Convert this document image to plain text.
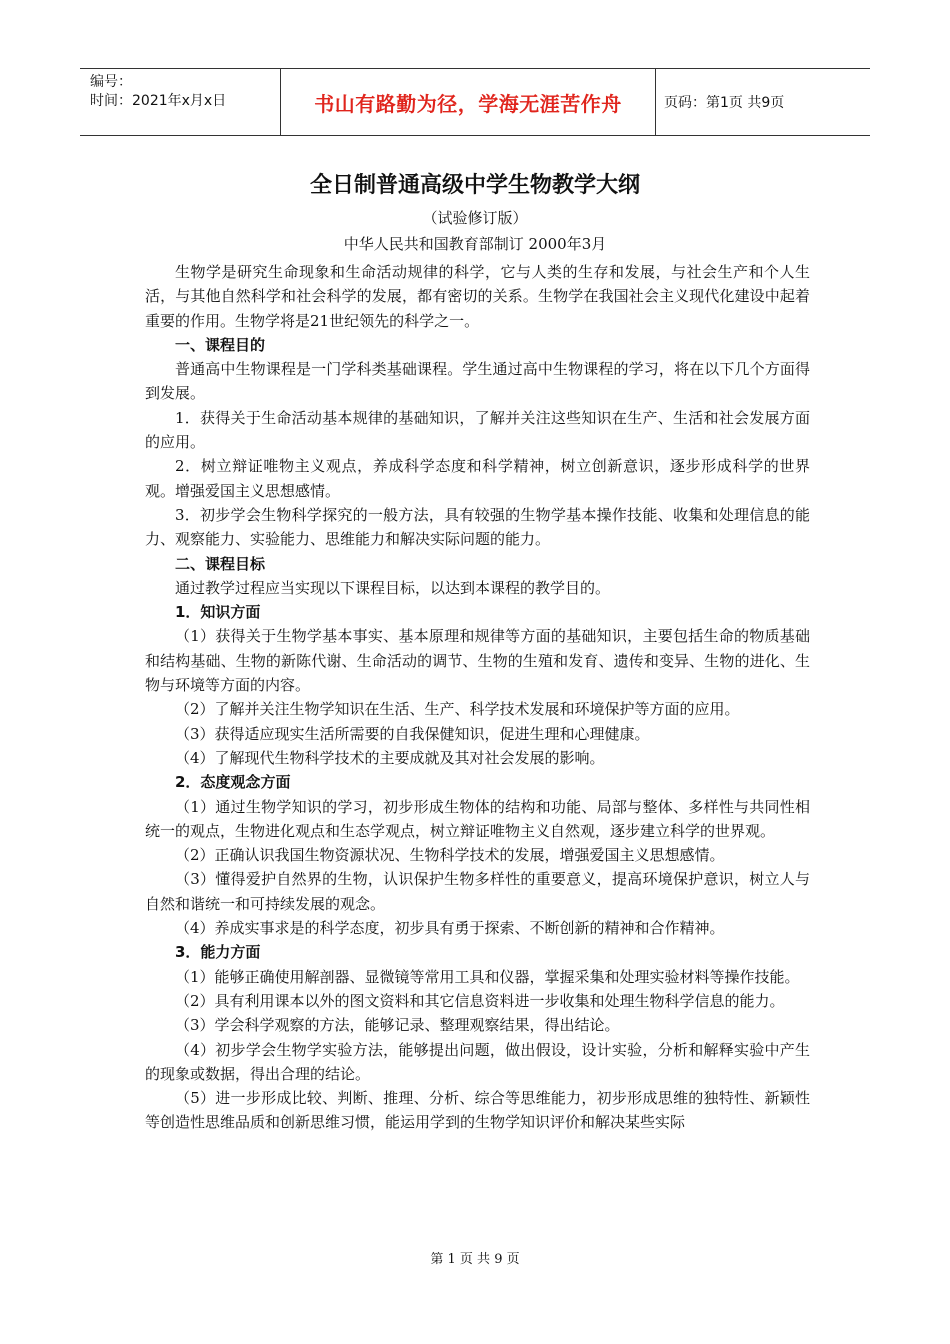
编号：
时间：2021年x月x日	书山有路勤为径，学海无涯苦作舟	页码：第1页 共9页
全日制普通高级中学生物教学大纲
（试验修订版）
中华人民共和国教育部制订 2000年3月

生物学是研究生命现象和生命活动规律的科学，它与人类的生存和发展，与社会生产和个人生活，与其他自然科学和社会科学的发展，都有密切的关系。生物学在我国社会主义现代化建设中起着重要的作用。生物学将是21世纪领先的科学之一。

一、课程目的

普通高中生物课程是一门学科类基础课程。学生通过高中生物课程的学习，将在以下几个方面得到发展。

1．获得关于生命活动基本规律的基础知识，了解并关注这些知识在生产、生活和社会发展方面的应用。

2．树立辩证唯物主义观点，养成科学态度和科学精神，树立创新意识，逐步形成科学的世界观。增强爱国主义思想感情。

3．初步学会生物科学探究的一般方法，具有较强的生物学基本操作技能、收集和处理信息的能力、观察能力、实验能力、思维能力和解决实际问题的能力。

二、课程目标

通过教学过程应当实现以下课程目标，以达到本课程的教学目的。

1．知识方面

（1）获得关于生物学基本事实、基本原理和规律等方面的基础知识，主要包括生命的物质基础和结构基础、生物的新陈代谢、生命活动的调节、生物的生殖和发育、遗传和变异、生物的进化、生物与环境等方面的内容。

（2）了解并关注生物学知识在生活、生产、科学技术发展和环境保护等方面的应用。

（3）获得适应现实生活所需要的自我保健知识，促进生理和心理健康。

（4）了解现代生物科学技术的主要成就及其对社会发展的影响。

2．态度观念方面

（1）通过生物学知识的学习，初步形成生物体的结构和功能、局部与整体、多样性与共同性相统一的观点，生物进化观点和生态学观点，树立辩证唯物主义自然观，逐步建立科学的世界观。

（2）正确认识我国生物资源状况、生物科学技术的发展，增强爱国主义思想感情。

（3）懂得爱护自然界的生物，认识保护生物多样性的重要意义，提高环境保护意识，树立人与自然和谐统一和可持续发展的观念。

（4）养成实事求是的科学态度，初步具有勇于探索、不断创新的精神和合作精神。

3．能力方面

（1）能够正确使用解剖器、显微镜等常用工具和仪器，掌握采集和处理实验材料等操作技能。

（2）具有利用课本以外的图文资料和其它信息资料进一步收集和处理生物科学信息的能力。

（3）学会科学观察的方法，能够记录、整理观察结果，得出结论。

（4）初步学会生物学实验方法，能够提出问题，做出假设，设计实验，分析和解释实验中产生的现象或数据，得出合理的结论。

（5）进一步形成比较、判断、推理、分析、综合等思维能力，初步形成思维的独特性、新颖性等创造性思维品质和创新思维习惯，能运用学到的生物学知识评价和解决某些实际

第 1 页 共 9 页
